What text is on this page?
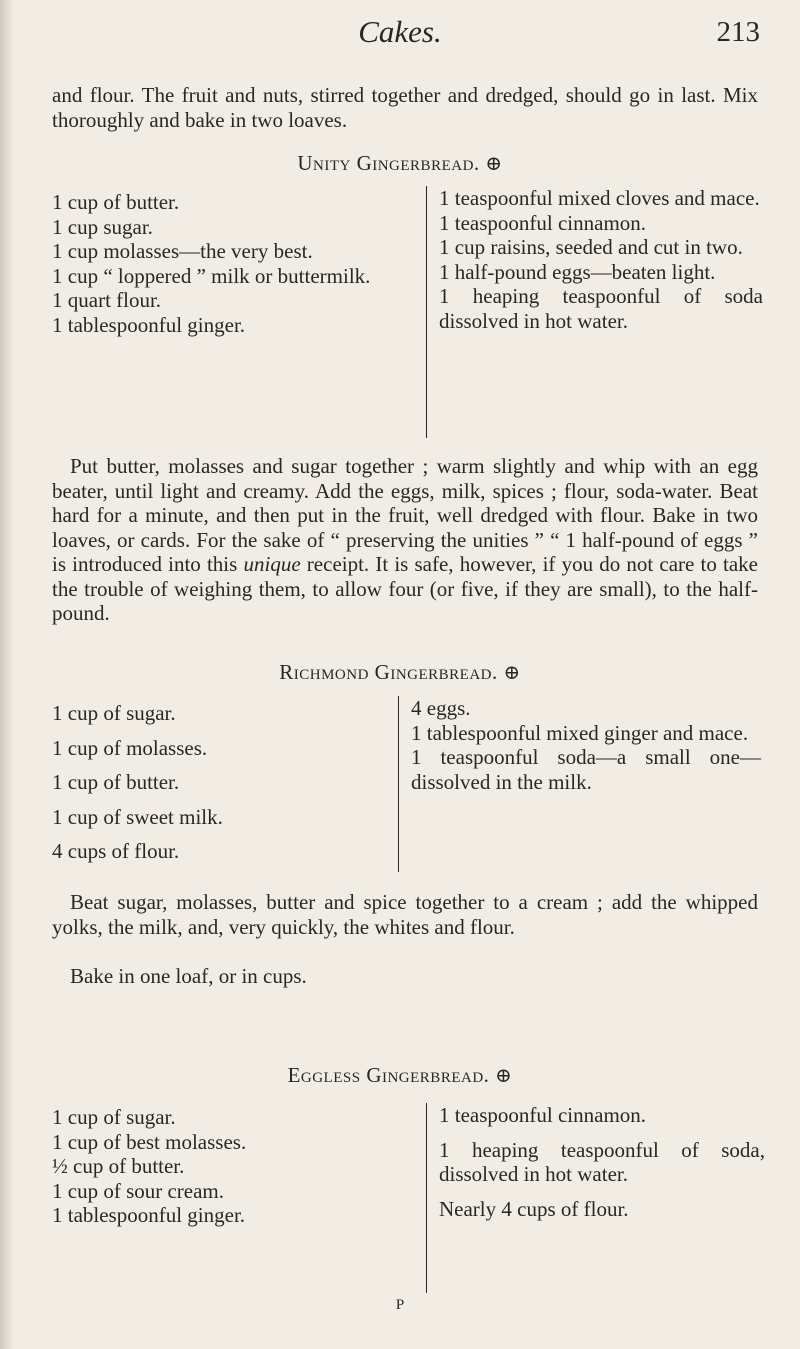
Cakes.	213

and flour. The fruit and nuts, stirred together and dredged, should go in last. Mix thoroughly and bake in two loaves.

Unity Gingerbread. ⊕

1 cup of butter.

1 cup sugar.

1 cup molasses—the very best.

1 cup “ loppered ” milk or buttermilk.

1 quart flour.

1 tablespoonful ginger.

1 teaspoonful mixed cloves and mace.

1 teaspoonful cinnamon.

1 cup raisins, seeded and cut in two.

1 half-pound eggs—beaten light.

1 heaping teaspoonful of soda dissolved in hot water.

Put butter, molasses and sugar together ; warm slightly and whip with an egg beater, until light and creamy. Add the eggs, milk, spices ; flour, soda-water. Beat hard for a minute, and then put in the fruit, well dredged with flour. Bake in two loaves, or cards. For the sake of “ preserving the unities ” “ 1 half-pound of eggs ” is introduced into this unique receipt. It is safe, however, if you do not care to take the trouble of weighing them, to allow four (or five, if they are small), to the half-pound.

Richmond Gingerbread. ⊕

1 cup of sugar.

1 cup of molasses.

1 cup of butter.

1 cup of sweet milk.

4 cups of flour.

4 eggs.

1 tablespoonful mixed ginger and mace.

1 teaspoonful soda—a small one—dissolved in the milk.

Beat sugar, molasses, butter and spice together to a cream ; add the whipped yolks, the milk, and, very quickly, the whites and flour.

Bake in one loaf, or in cups.

Eggless Gingerbread. ⊕

1 cup of sugar.

1 cup of best molasses.

½ cup of butter.

1 cup of sour cream.

1 tablespoonful ginger.

1 teaspoonful cinnamon.

1 heaping teaspoonful of soda, dissolved in hot water.

Nearly 4 cups of flour.

P
